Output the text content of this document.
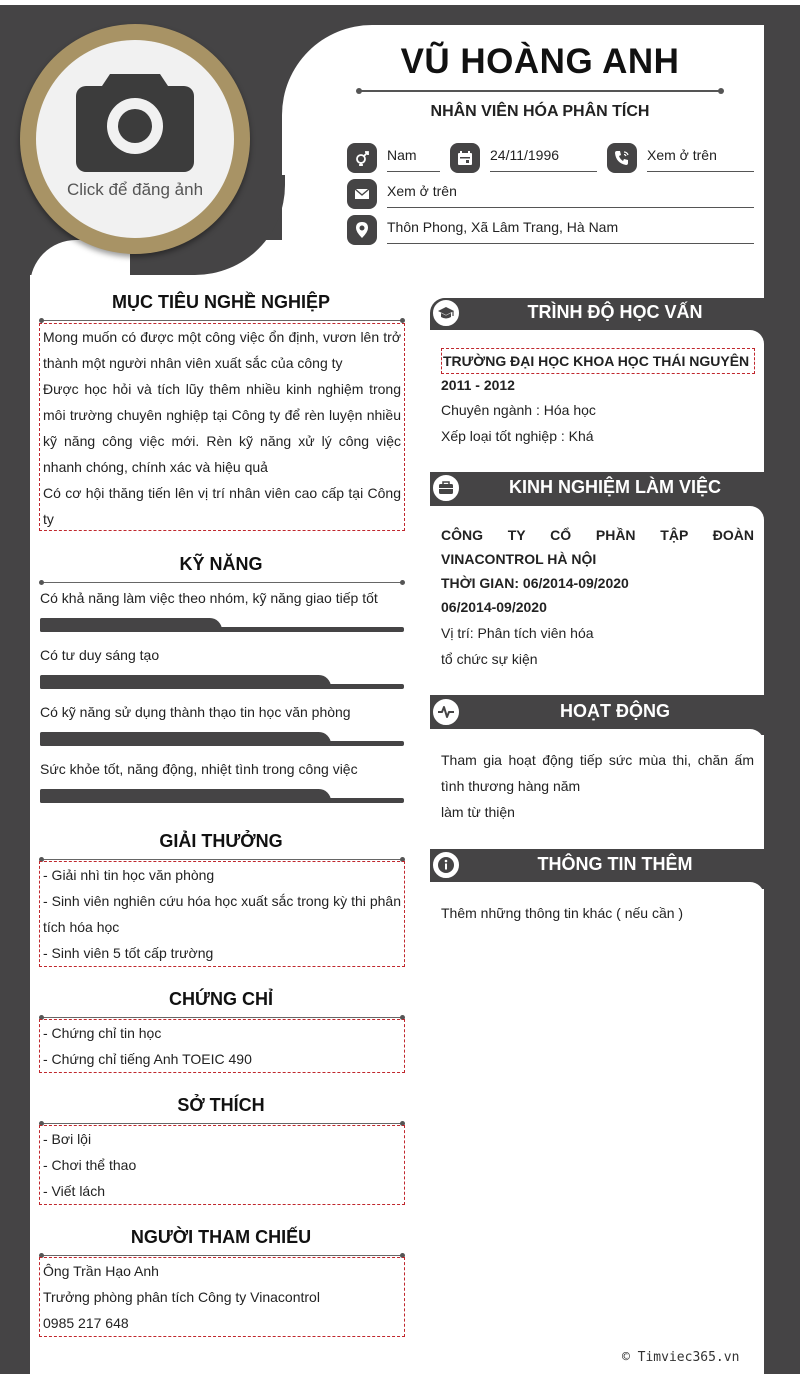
Click để đăng ảnh
VŨ HOÀNG ANH
NHÂN VIÊN HÓA PHÂN TÍCH
Nam	24/11/1996	Xem ở trên
Xem ở trên
Thôn Phong, Xã Lâm Trang, Hà Nam
MỤC TIÊU NGHỀ NGHIỆP
Mong muốn có được một công việc ổn định, vươn lên trở thành một người nhân viên xuất sắc của công ty
Được học hỏi và tích lũy thêm nhiều kinh nghiệm trong môi trường chuyên nghiệp tại Công ty để rèn luyện nhiều kỹ năng công việc mới. Rèn kỹ năng xử lý công việc nhanh chóng, chính xác và hiệu quả
Có cơ hội thăng tiến lên vị trí nhân viên cao cấp tại Công ty
KỸ NĂNG
Có khả năng làm việc theo nhóm, kỹ năng giao tiếp tốt
Có tư duy sáng tạo
Có kỹ năng sử dụng thành thạo tin học văn phòng
Sức khỏe tốt, năng động, nhiệt tình trong công việc
GIẢI THƯỞNG
- Giải nhì tin học văn phòng
- Sinh viên nghiên cứu hóa học xuất sắc trong kỳ thi phân tích hóa học
- Sinh viên 5 tốt cấp trường
CHỨNG CHỈ
- Chứng chỉ tin học
- Chứng chỉ tiếng Anh TOEIC 490
SỞ THÍCH
- Bơi lội
- Chơi thể thao
- Viết lách
NGƯỜI THAM CHIẾU
Ông Trần Hạo Anh
Trưởng phòng phân tích Công ty Vinacontrol
0985 217 648
TRÌNH ĐỘ HỌC VẤN
TRƯỜNG ĐẠI HỌC KHOA HỌC THÁI NGUYÊN
2011 - 2012
Chuyên ngành : Hóa học
Xếp loại tốt nghiệp : Khá
KINH NGHIỆM LÀM VIỆC
CÔNG TY CỔ PHẦN TẬP ĐOÀN VINACONTROL HÀ NỘI
THỜI GIAN: 06/2014-09/2020
06/2014-09/2020
Vị trí: Phân tích viên hóa
tổ chức sự kiện
HOẠT ĐỘNG
Tham gia hoạt động tiếp sức mùa thi, chăn ấm tình thương hàng năm
làm từ thiện
THÔNG TIN THÊM
Thêm những thông tin khác ( nếu cần )
© Timviec365.vn
